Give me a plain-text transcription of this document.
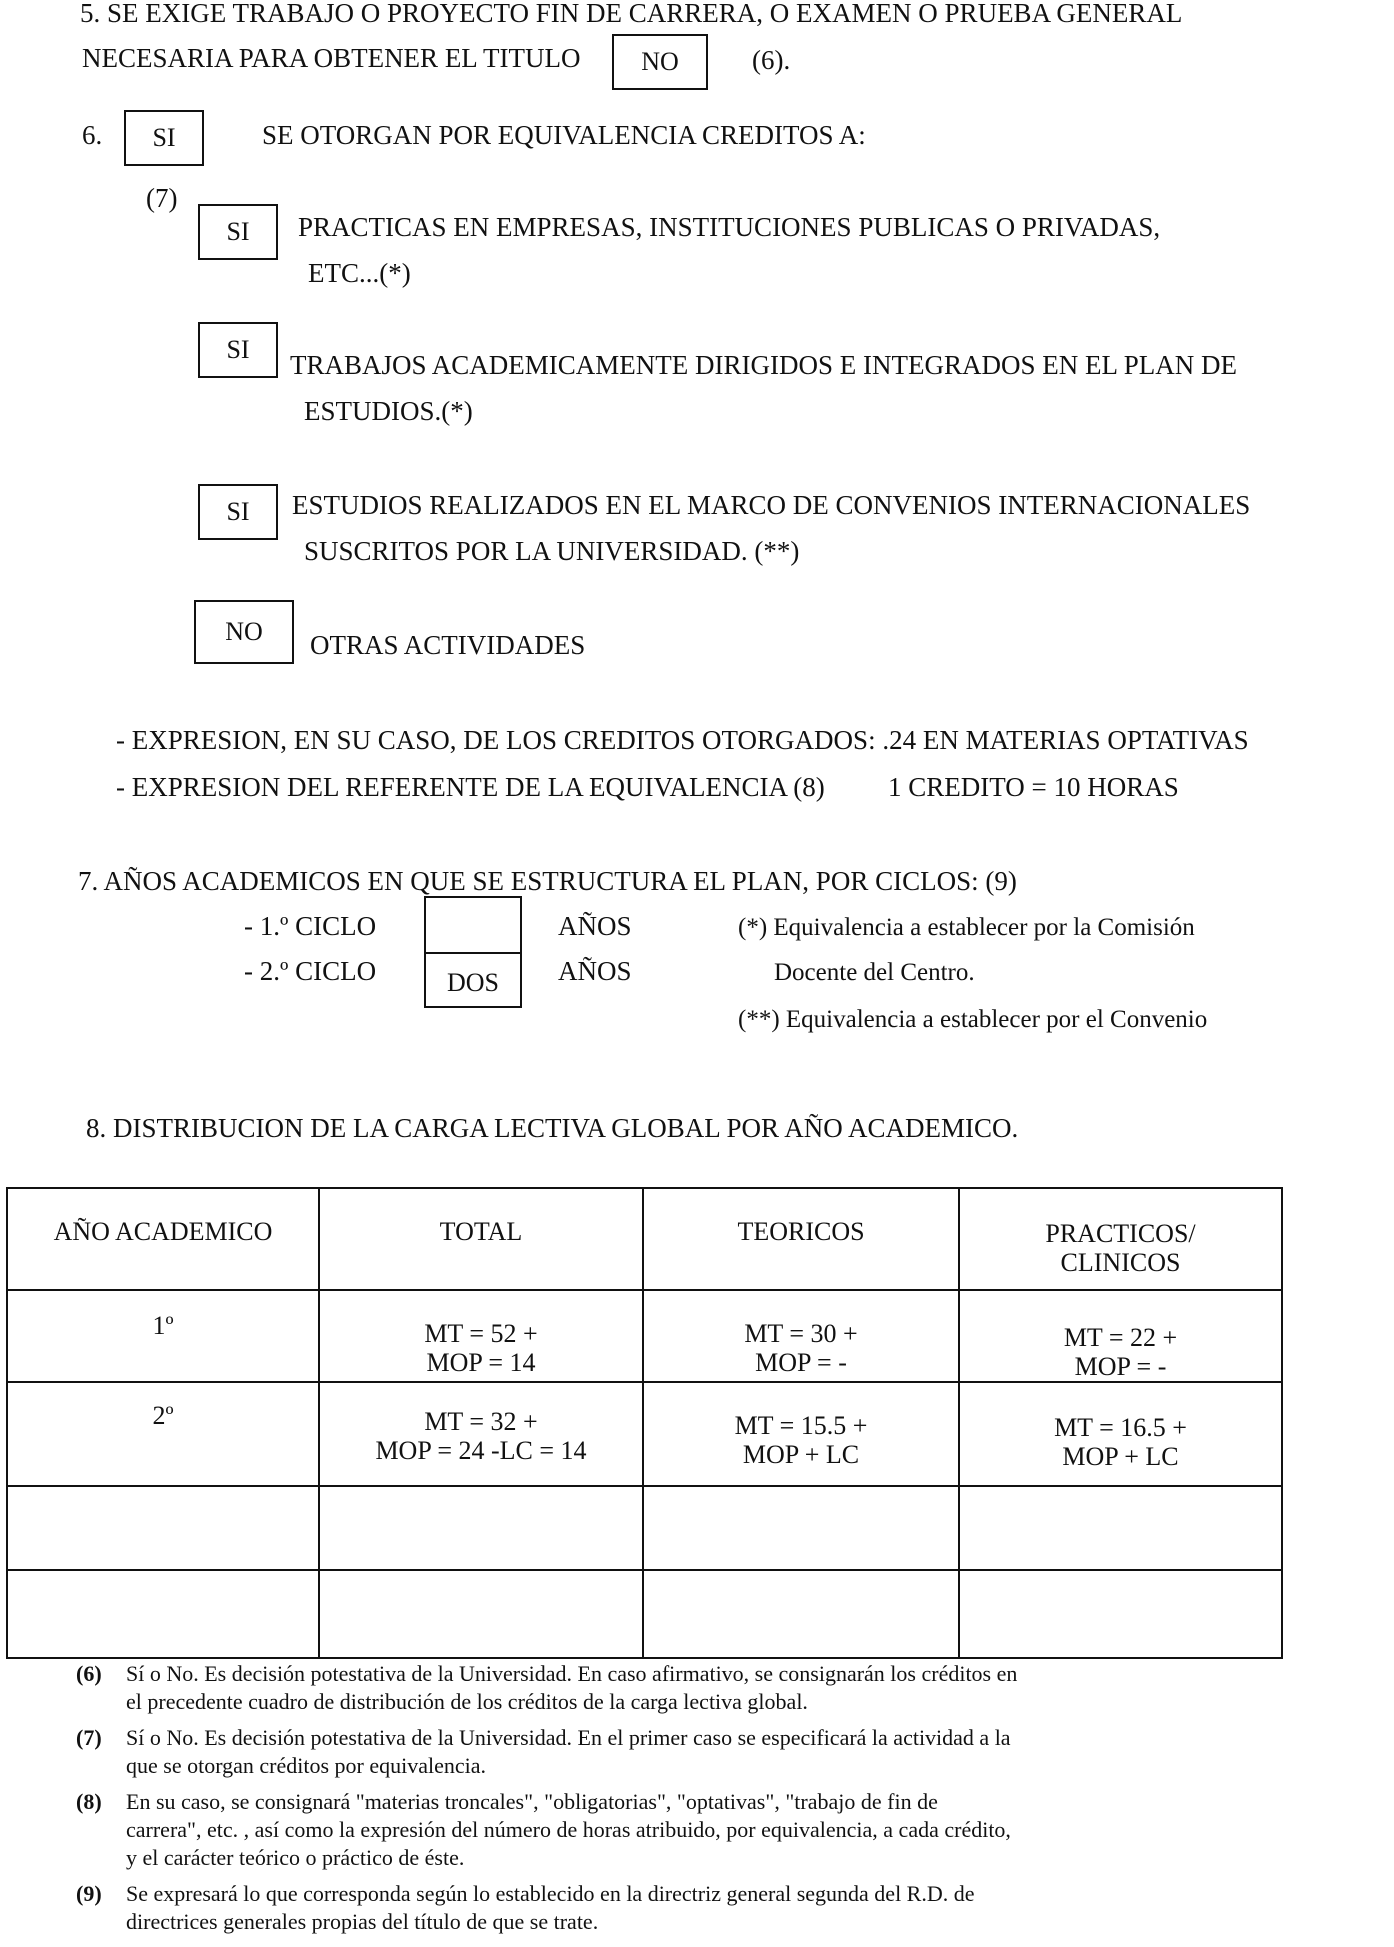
5. SE EXIGE TRABAJO O PROYECTO FIN DE CARRERA, O EXAMEN O PRUEBA GENERAL
NECESARIA PARA OBTENER EL TITULO NO	(6).
6. SI	SE OTORGAN POR EQUIVALENCIA CREDITOS A:
(7)
SI PRACTICAS EN EMPRESAS, INSTITUCIONES PUBLICAS O PRIVADAS,
ETC...(*)
SI
TRABAJOS ACADEMICAMENTE DIRIGIDOS E INTEGRADOS EN EL PLAN DE
ESTUDIOS.(*)
SI ESTUDIOS REALIZADOS EN EL MARCO DE CONVENIOS INTERNACIONALES
SUSCRITOS POR LA UNIVERSIDAD. (**)
NO OTRAS ACTIVIDADES
- EXPRESION, EN SU CASO, DE LOS CREDITOS OTORGADOS: .24 EN MATERIAS OPTATIVAS
- EXPRESION DEL REFERENTE DE LA EQUIVALENCIA (8) 1 CREDITO = 10 HORAS
7. AÑOS ACADEMICOS EN QUE SE ESTRUCTURA EL PLAN, POR CICLOS: (9)
- 1.º CICLO
- 2.º CICLO	DOS
AÑOS
AÑOS
(*) Equivalencia a establecer por la Comisión
Docente del Centro.
(**) Equivalencia a establecer por el Convenio
8. DISTRIBUCION DE LA CARGA LECTIVA GLOBAL POR AÑO ACADEMICO.
AÑO ACADEMICO	TOTAL	TEORICOS	PRACTICOS/
CLINICOS

1º	MT = 52 +
MOP = 14	MT = 30 +
MOP = -	MT = 22 +
MOP = -

2º	MT = 32 +
MOP = 24 -LC = 14	MT = 15.5 +
MOP + LC	MT = 16.5 +
MOP + LC

(6) Sí o No. Es decisión potestativa de la Universidad. En caso afirmativo, se consignarán los créditos en
el precedente cuadro de distribución de los créditos de la carga lectiva global.
(7) Sí o No. Es decisión potestativa de la Universidad. En el primer caso se especificará la actividad a la
que se otorgan créditos por equivalencia.
(8) En su caso, se consignará "materias troncales", "obligatorias", "optativas", "trabajo de fin de
carrera", etc. , así como la expresión del número de horas atribuido, por equivalencia, a cada crédito,
y el carácter teórico o práctico de éste.
(9) Se expresará lo que corresponda según lo establecido en la directriz general segunda del R.D. de
directrices generales propias del título de que se trate.
